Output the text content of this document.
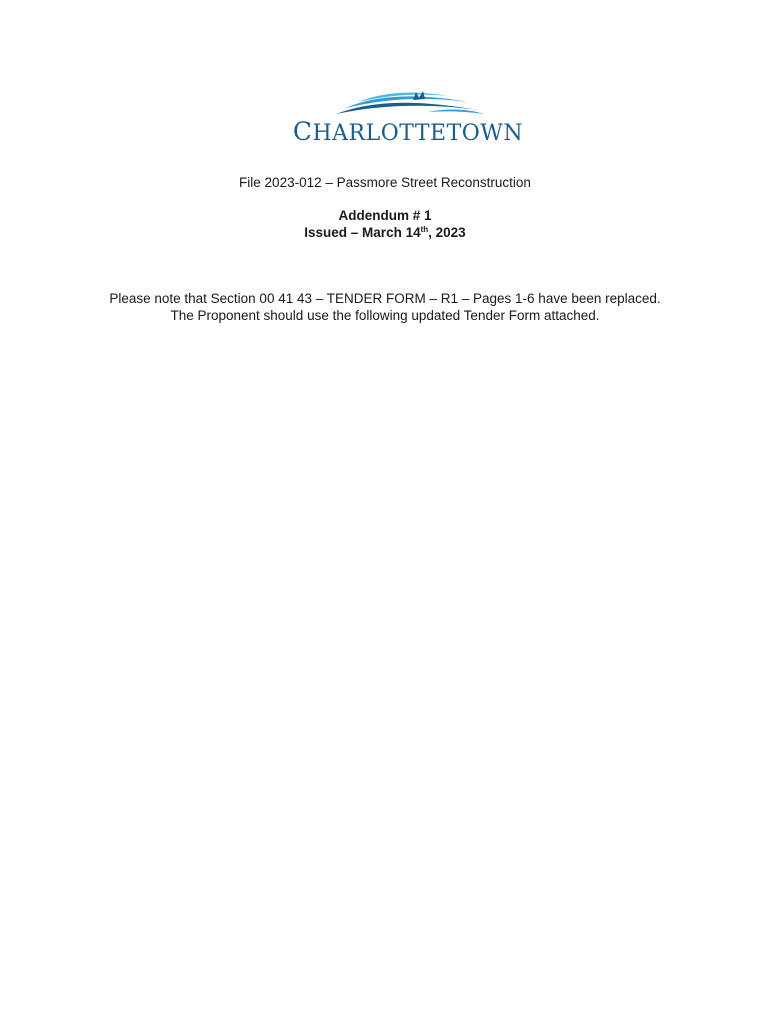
CHARLOTTETOWN
File 2023-012 – Passmore Street Reconstruction
Addendum # 1
Issued – March 14th, 2023
Please note that Section 00 41 43 – TENDER FORM – R1 – Pages 1-6 have been replaced.
The Proponent should use the following updated Tender Form attached.
